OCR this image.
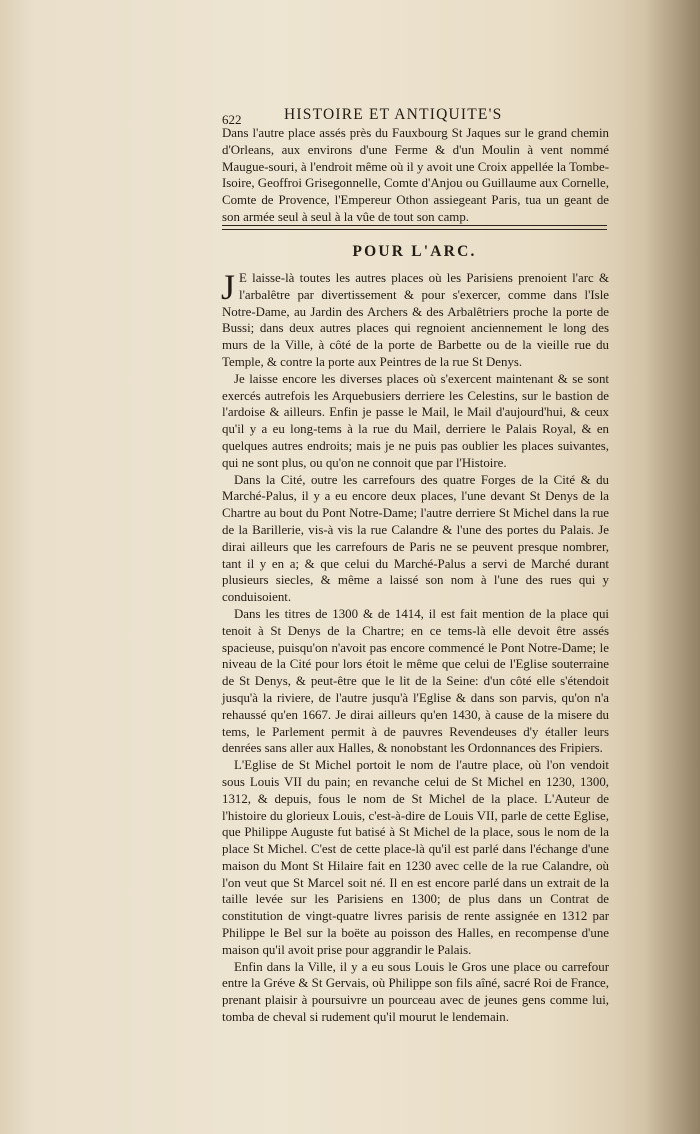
622	HISTOIRE ET ANTIQUITE'S

Dans l'autre place assés près du Fauxbourg St Jaques sur le grand chemin d'Orleans, aux environs d'une Ferme & d'un Moulin à vent nommé Maugue-souri, à l'endroit même où il y avoit une Croix appellée la Tombe-Isoire, Geoffroi Grisegonnelle, Comte d'Anjou ou Guillaume aux Cornelle, Comte de Provence, l'Empereur Othon assiegeant Paris, tua un geant de son armée seul à seul à la vûe de tout son camp.

POUR L'ARC.

J E laisse-là toutes les autres places où les Parisiens prenoient l'arc & l'arbalêtre par divertissement & pour s'exercer, comme dans l'Isle Notre-Dame, au Jardin des Archers & des Arbalêtriers proche la porte de Bussi; dans deux autres places qui regnoient anciennement le long des murs de la Ville, à côté de la porte de Barbette ou de la vieille rue du Temple, & contre la porte aux Peintres de la rue St Denys.

Je laisse encore les diverses places où s'exercent maintenant & se sont exercés autrefois les Arquebusiers derriere les Celestins, sur le bastion de l'ardoise & ailleurs. Enfin je passe le Mail, le Mail d'aujourd'hui, & ceux qu'il y a eu long-tems à la rue du Mail, derriere le Palais Royal, & en quelques autres endroits; mais je ne puis pas oublier les places suivantes, qui ne sont plus, ou qu'on ne connoit que par l'Histoire.

Dans la Cité, outre les carrefours des quatre Forges de la Cité & du Marché-Palus, il y a eu encore deux places, l'une devant St Denys de la Chartre au bout du Pont Notre-Dame; l'autre derriere St Michel dans la rue de la Barillerie, vis-à vis la rue Calandre & l'une des portes du Palais. Je dirai ailleurs que les carrefours de Paris ne se peuvent presque nombrer, tant il y en a; & que celui du Marché-Palus a servi de Marché durant plusieurs siecles, & même a laissé son nom à l'une des rues qui y conduisoient.

Dans les titres de 1300 & de 1414, il est fait mention de la place qui tenoit à St Denys de la Chartre; en ce tems-là elle devoit être assés spacieuse, puisqu'on n'avoit pas encore commencé le Pont Notre-Dame; le niveau de la Cité pour lors étoit le même que celui de l'Eglise souterraine de St Denys, & peut-être que le lit de la Seine: d'un côté elle s'étendoit jusqu'à la riviere, de l'autre jusqu'à l'Eglise & dans son parvis, qu'on n'a rehaussé qu'en 1667. Je dirai ailleurs qu'en 1430, à cause de la misere du tems, le Parlement permit à de pauvres Revendeuses d'y étaller leurs denrées sans aller aux Halles, & nonobstant les Ordonnances des Fripiers.

L'Eglise de St Michel portoit le nom de l'autre place, où l'on vendoit sous Louis VII du pain; en revanche celui de St Michel en 1230, 1300, 1312, & depuis, fous le nom de St Michel de la place. L'Auteur de l'histoire du glorieux Louis, c'est-à-dire de Louis VII, parle de cette Eglise, que Philippe Auguste fut batisé à St Michel de la place, sous le nom de la place St Michel. C'est de cette place-là qu'il est parlé dans l'échange d'une maison du Mont St Hilaire fait en 1230 avec celle de la rue Calandre, où l'on veut que St Marcel soit né. Il en est encore parlé dans un extrait de la taille levée sur les Parisiens en 1300; de plus dans un Contrat de constitution de vingt-quatre livres parisis de rente assignée en 1312 par Philippe le Bel sur la boëte au poisson des Halles, en recompense d'une maison qu'il avoit prise pour aggrandir le Palais.

Enfin dans la Ville, il y a eu sous Louis le Gros une place ou carrefour entre la Gréve & St Gervais, où Philippe son fils aîné, sacré Roi de France, prenant plaisir à poursuivre un pourceau avec de jeunes gens comme lui, tomba de cheval si rudement qu'il mourut le lendemain.
